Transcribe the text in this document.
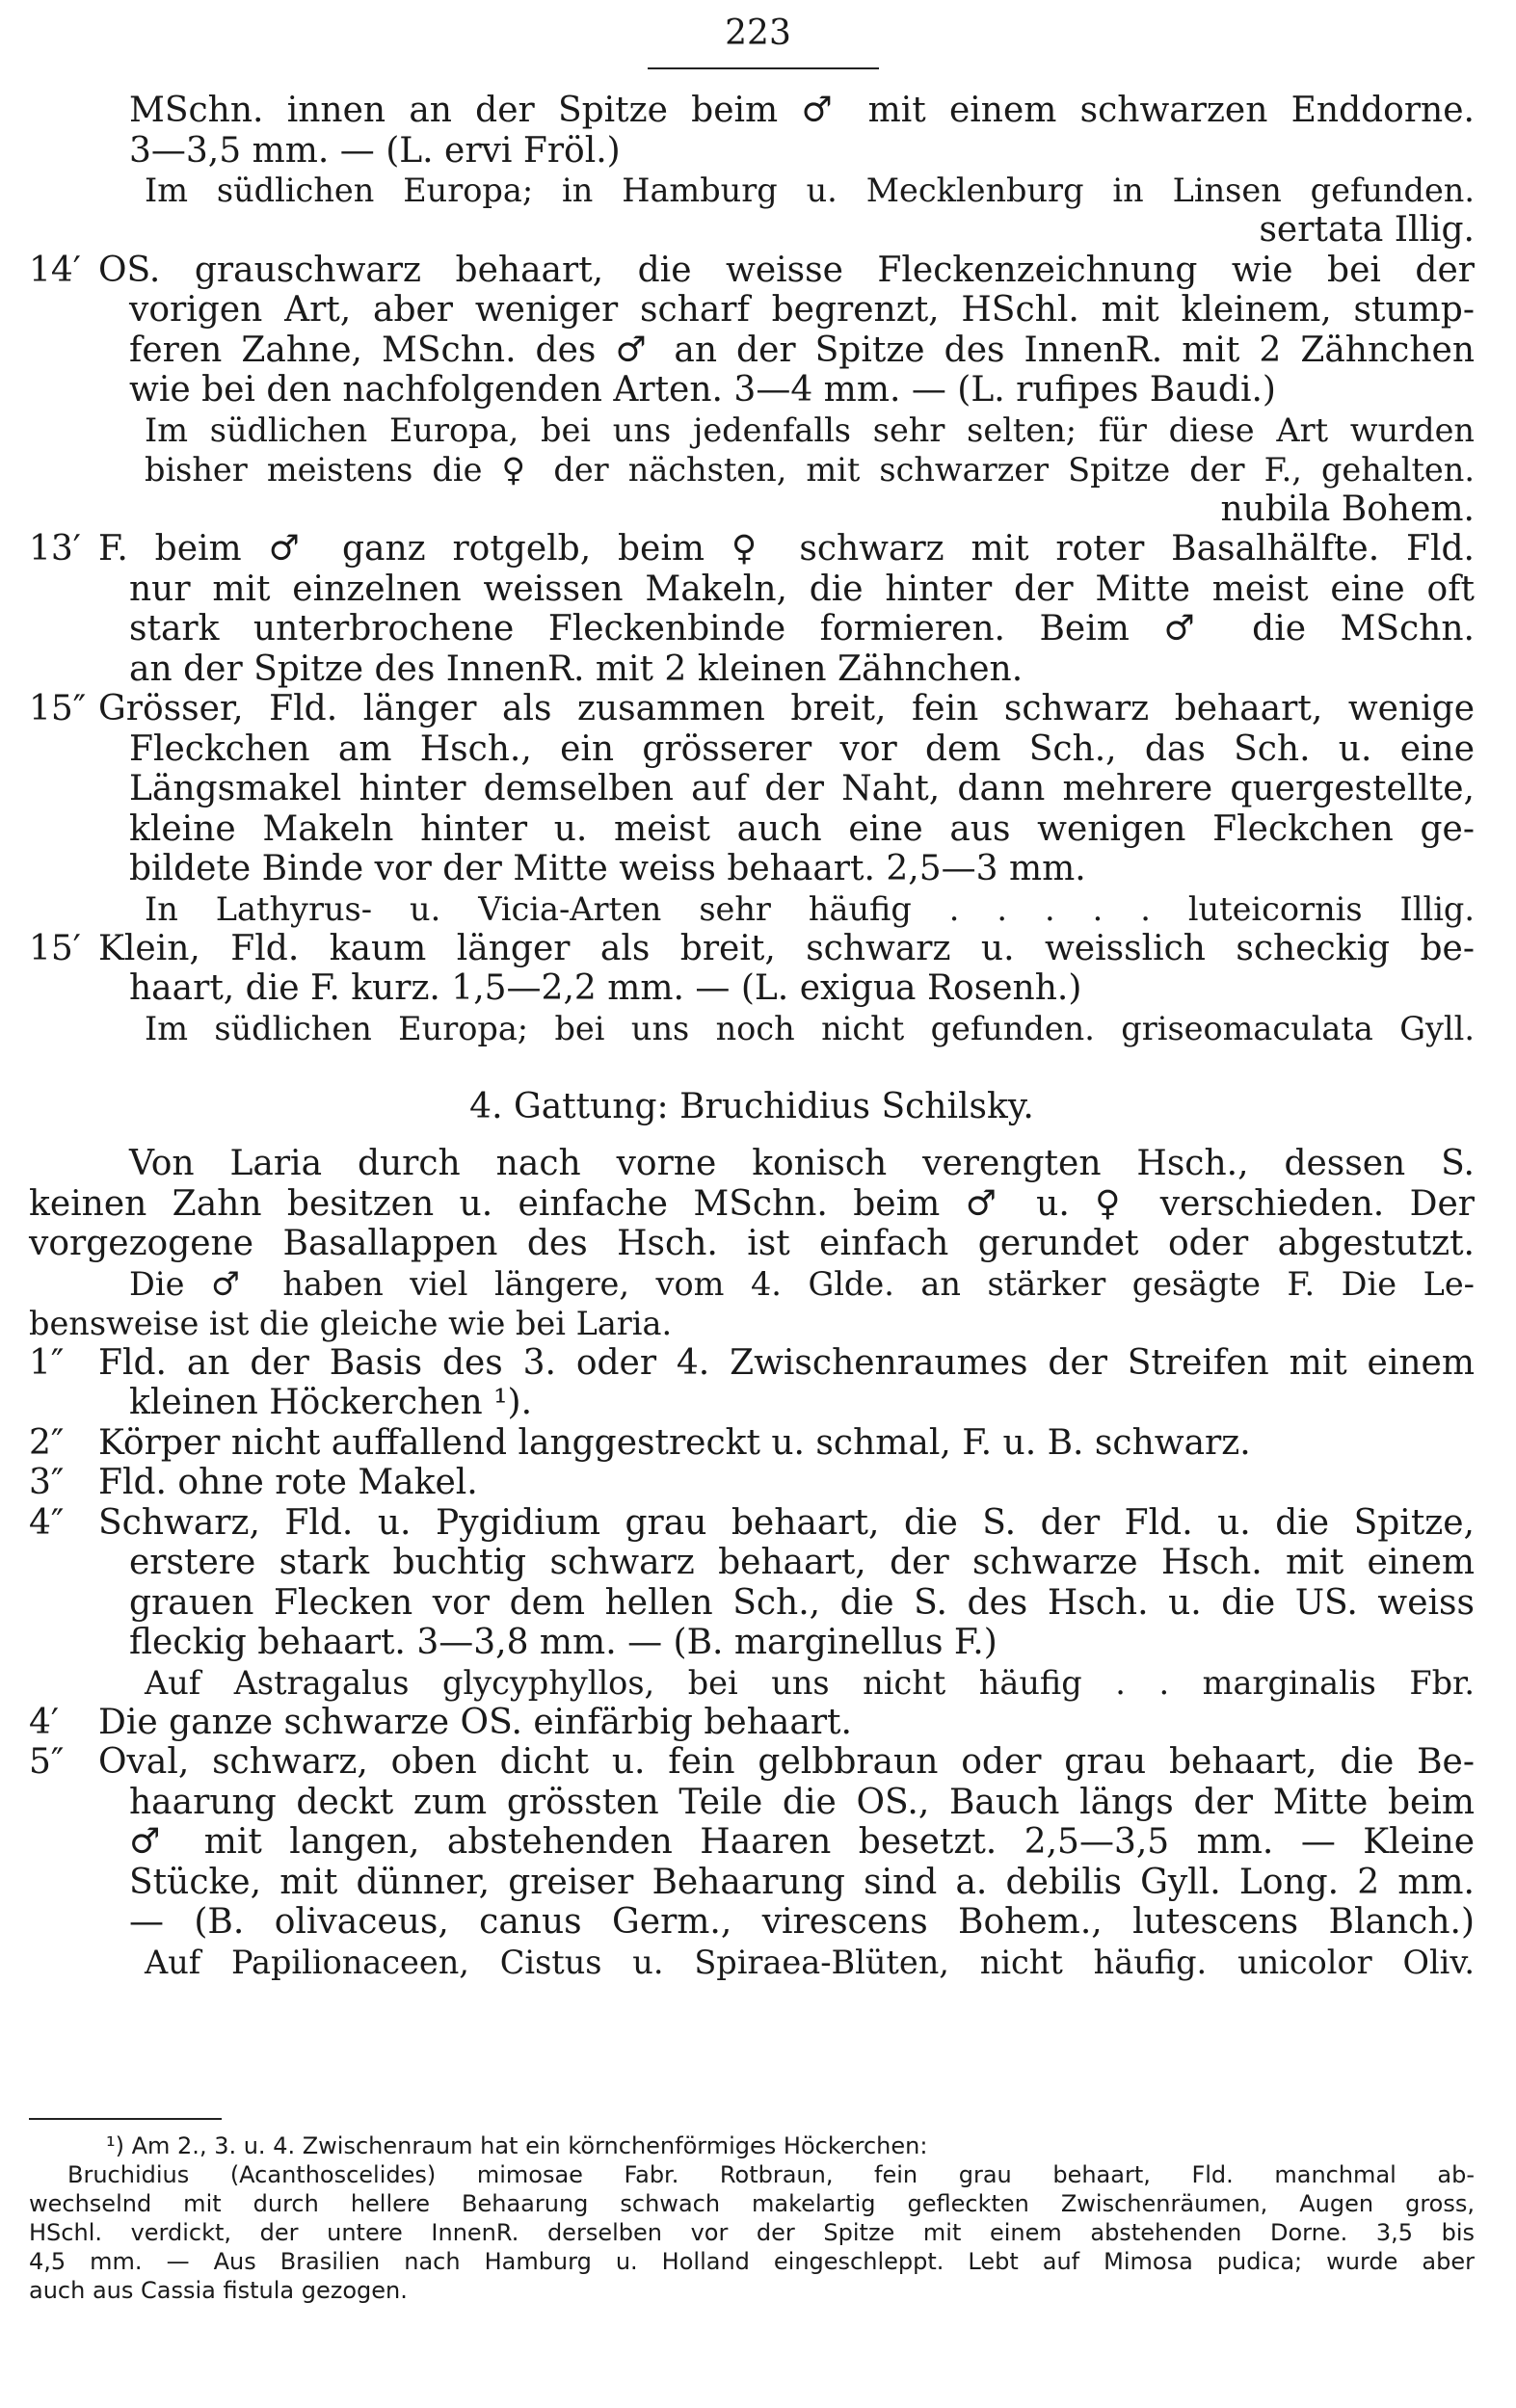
223
MSchn. innen an der Spitze beim ♂ mit einem schwarzen Enddorne.
3—3,5 mm. — (L. ervi Fröl.)
Im südlichen Europa; in Hamburg u. Mecklenburg in Linsen gefunden.
sertata Illig.
14′ OS. grauschwarz behaart, die weisse Fleckenzeichnung wie bei der
vorigen Art, aber weniger scharf begrenzt, HSchl. mit kleinem, stump-
feren Zahne, MSchn. des ♂ an der Spitze des InnenR. mit 2 Zähnchen
wie bei den nachfolgenden Arten. 3—4 mm. — (L. rufipes Baudi.)
Im südlichen Europa, bei uns jedenfalls sehr selten; für diese Art wurden
bisher meistens die ♀ der nächsten, mit schwarzer Spitze der F., gehalten.
nubila Bohem.
13′ F. beim ♂ ganz rotgelb, beim ♀ schwarz mit roter Basalhälfte. Fld.
nur mit einzelnen weissen Makeln, die hinter der Mitte meist eine oft
stark unterbrochene Fleckenbinde formieren. Beim ♂ die MSchn.
an der Spitze des InnenR. mit 2 kleinen Zähnchen.
15″ Grösser, Fld. länger als zusammen breit, fein schwarz behaart, wenige
Fleckchen am Hsch., ein grösserer vor dem Sch., das Sch. u. eine
Längsmakel hinter demselben auf der Naht, dann mehrere quergestellte,
kleine Makeln hinter u. meist auch eine aus wenigen Fleckchen ge-
bildete Binde vor der Mitte weiss behaart. 2,5—3 mm.
In Lathyrus- u. Vicia-Arten sehr häufig . . . . . luteicornis Illig.
15′ Klein, Fld. kaum länger als breit, schwarz u. weisslich scheckig be-
haart, die F. kurz. 1,5—2,2 mm. — (L. exigua Rosenh.)
Im südlichen Europa; bei uns noch nicht gefunden. griseomaculata Gyll.
4. Gattung: Bruchidius Schilsky.
Von Laria durch nach vorne konisch verengten Hsch., dessen S.
keinen Zahn besitzen u. einfache MSchn. beim ♂ u. ♀ verschieden. Der
vorgezogene Basallappen des Hsch. ist einfach gerundet oder abgestutzt.
Die ♂ haben viel längere, vom 4. Glde. an stärker gesägte F. Die Le-
bensweise ist die gleiche wie bei Laria.
1″ Fld. an der Basis des 3. oder 4. Zwischenraumes der Streifen mit einem
kleinen Höckerchen ¹).
2″ Körper nicht auffallend langgestreckt u. schmal, F. u. B. schwarz.
3″ Fld. ohne rote Makel.
4″ Schwarz, Fld. u. Pygidium grau behaart, die S. der Fld. u. die Spitze,
erstere stark buchtig schwarz behaart, der schwarze Hsch. mit einem
grauen Flecken vor dem hellen Sch., die S. des Hsch. u. die US. weiss
fleckig behaart. 3—3,8 mm. — (B. marginellus F.)
Auf Astragalus glycyphyllos, bei uns nicht häufig . . marginalis Fbr.
4′ Die ganze schwarze OS. einfärbig behaart.
5″ Oval, schwarz, oben dicht u. fein gelbbraun oder grau behaart, die Be-
haarung deckt zum grössten Teile die OS., Bauch längs der Mitte beim
♂ mit langen, abstehenden Haaren besetzt. 2,5—3,5 mm. — Kleine
Stücke, mit dünner, greiser Behaarung sind a. debilis Gyll. Long. 2 mm.
— (B. olivaceus, canus Germ., virescens Bohem., lutescens Blanch.)
Auf Papilionaceen, Cistus u. Spiraea-Blüten, nicht häufig. unicolor Oliv.
¹) Am 2., 3. u. 4. Zwischenraum hat ein körnchenförmiges Höckerchen:
Bruchidius (Acanthoscelides) mimosae Fabr. Rotbraun, fein grau behaart, Fld. manchmal ab-
wechselnd mit durch hellere Behaarung schwach makelartig gefleckten Zwischenräumen, Augen gross,
HSchl. verdickt, der untere InnenR. derselben vor der Spitze mit einem abstehenden Dorne. 3,5 bis
4,5 mm. — Aus Brasilien nach Hamburg u. Holland eingeschleppt. Lebt auf Mimosa pudica; wurde aber
auch aus Cassia fistula gezogen.
